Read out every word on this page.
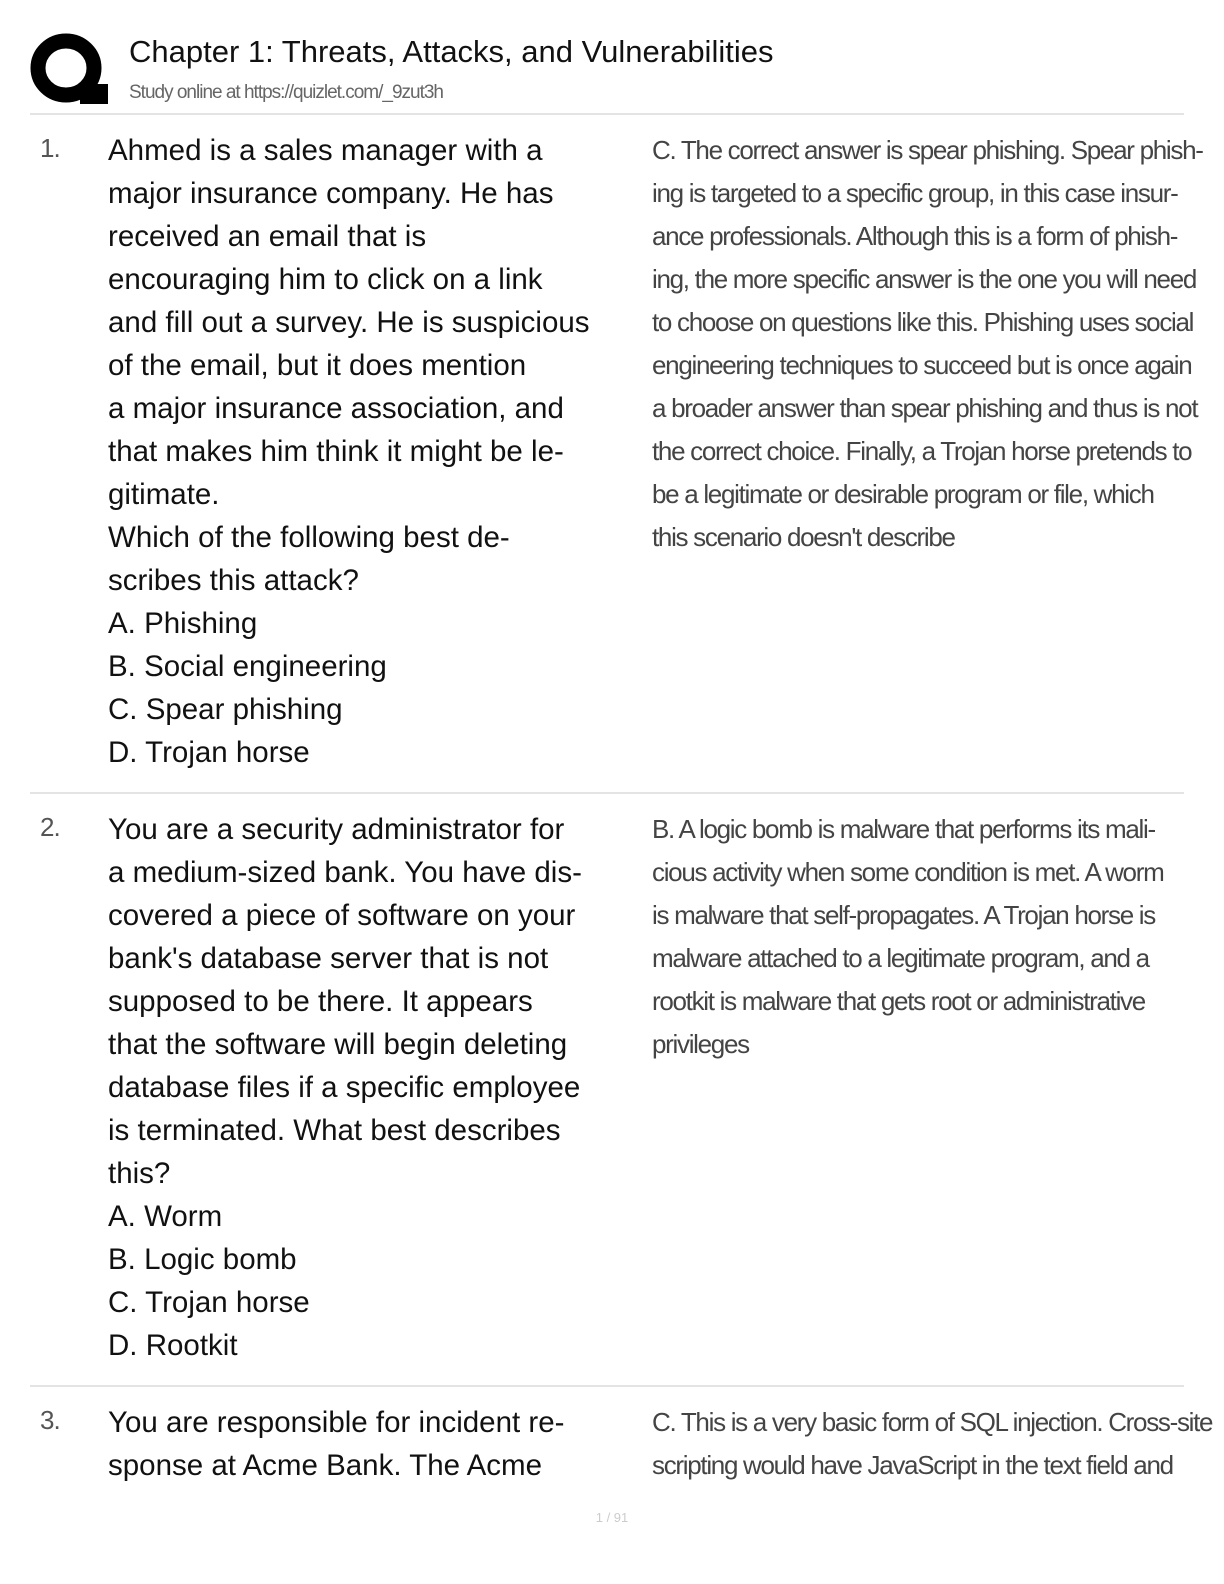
Chapter 1: Threats, Attacks, and Vulnerabilities
Study online at https://quizlet.com/_9zut3h
1. Ahmed is a sales manager with a
major insurance company. He has
received an email that is
encouraging him to click on a link
and fill out a survey. He is suspicious
of the email, but it does mention
a major insurance association, and
that makes him think it might be le-
gitimate.
Which of the following best de-
scribes this attack?
A. Phishing
B. Social engineering
C. Spear phishing
D. Trojan horse
C. The correct answer is spear phishing. Spear phish-
ing is targeted to a specific group, in this case insur-
ance professionals. Although this is a form of phish-
ing, the more specific answer is the one you will need
to choose on questions like this. Phishing uses social
engineering techniques to succeed but is once again
a broader answer than spear phishing and thus is not
the correct choice. Finally, a Trojan horse pretends to
be a legitimate or desirable program or file, which
this scenario doesn't describe
2. You are a security administrator for
a medium-sized bank. You have dis-
covered a piece of software on your
bank's database server that is not
supposed to be there. It appears
that the software will begin deleting
database files if a specific employee
is terminated. What best describes
this?
A. Worm
B. Logic bomb
C. Trojan horse
D. Rootkit
B. A logic bomb is malware that performs its mali-
cious activity when some condition is met. A worm
is malware that self-propagates. A Trojan horse is
malware attached to a legitimate program, and a
rootkit is malware that gets root or administrative
privileges
3. You are responsible for incident re-
sponse at Acme Bank. The Acme
C. This is a very basic form of SQL injection. Cross-site
scripting would have JavaScript in the text field and
1 / 91
